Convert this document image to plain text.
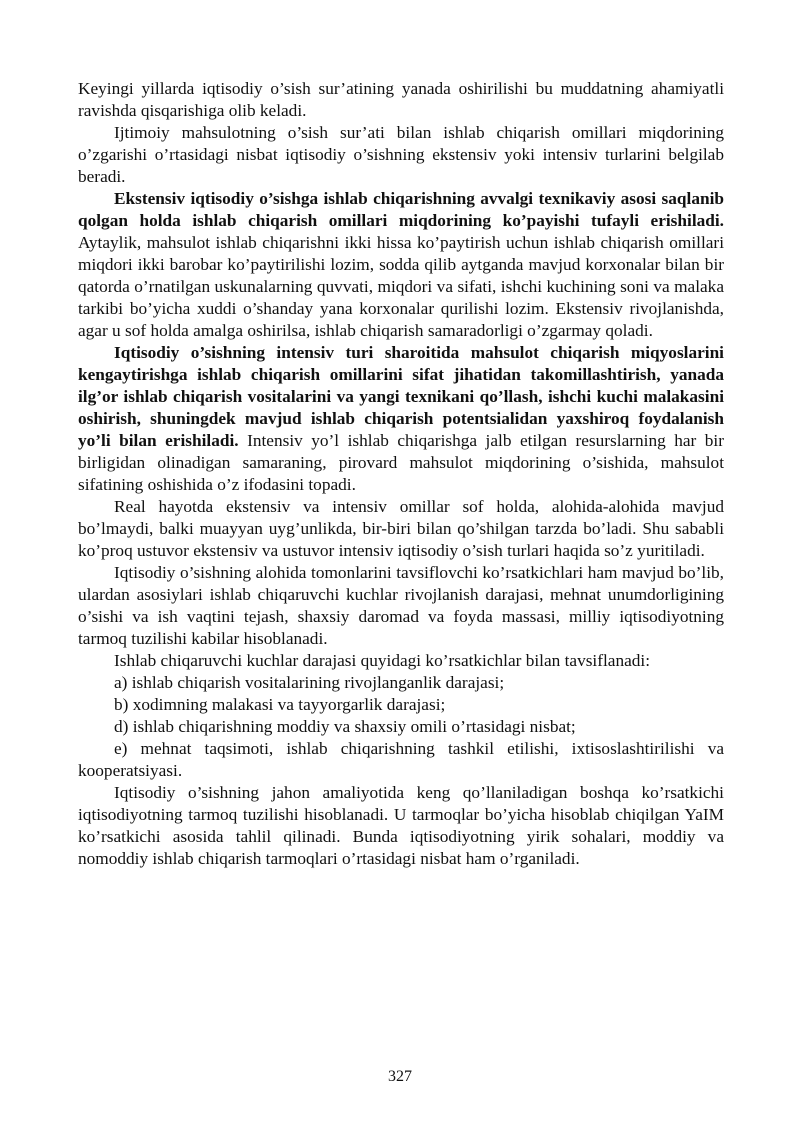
Keyingi yillarda iqtisodiy o’sish sur’atining yanada oshirilishi bu muddatning ahamiyatli ravishda qisqarishiga olib keladi.

Ijtimoiy mahsulotning o’sish sur’ati bilan ishlab chiqarish omillari miqdorining o’zgarishi o’rtasidagi nisbat iqtisodiy o’sishning ekstensiv yoki intensiv turlarini belgilab beradi.

Ekstensiv iqtisodiy o’sishga ishlab chiqarishning avvalgi texnikaviy asosi saqlanib qolgan holda ishlab chiqarish omillari miqdorining ko’payishi tufayli erishiladi. Aytaylik, mahsulot ishlab chiqarishni ikki hissa ko’paytirish uchun ishlab chiqarish omillari miqdori ikki barobar ko’paytirilishi lozim, sodda qilib aytganda mavjud korxonalar bilan bir qatorda o’rnatilgan uskunalarning quvvati, miqdori va sifati, ishchi kuchining soni va malaka tarkibi bo’yicha xuddi o’shanday yana korxonalar qurilishi lozim. Ekstensiv rivojlanishda, agar u sof holda amalga oshirilsa, ishlab chiqarish samaradorligi o’zgarmay qoladi.

Iqtisodiy o’sishning intensiv turi sharoitida mahsulot chiqarish miqyoslarini kengaytirishga ishlab chiqarish omillarini sifat jihatidan takomillashtirish, yanada ilg’or ishlab chiqarish vositalarini va yangi texnikani qo’llash, ishchi kuchi malakasini oshirish, shuningdek mavjud ishlab chiqarish potentsialidan yaxshiroq foydalanish yo’li bilan erishiladi. Intensiv yo’l ishlab chiqarishga jalb etilgan resurslarning har bir birligidan olinadigan samaraning, pirovard mahsulot miqdorining o’sishida, mahsulot sifatining oshishida o’z ifodasini topadi.

Real hayotda ekstensiv va intensiv omillar sof holda, alohida-alohida mavjud bo’lmaydi, balki muayyan uyg’unlikda, bir-biri bilan qo’shilgan tarzda bo’ladi. Shu sababli ko’proq ustuvor ekstensiv va ustuvor intensiv iqtisodiy o’sish turlari haqida so’z yuritiladi.

Iqtisodiy o’sishning alohida tomonlarini tavsiflovchi ko’rsatkichlari ham mavjud bo’lib, ulardan asosiylari ishlab chiqaruvchi kuchlar rivojlanish darajasi, mehnat unumdorligining o’sishi va ish vaqtini tejash, shaxsiy daromad va foyda massasi, milliy iqtisodiyotning tarmoq tuzilishi kabilar hisoblanadi.

Ishlab chiqaruvchi kuchlar darajasi quyidagi ko’rsatkichlar bilan tavsiflanadi:

a) ishlab chiqarish vositalarining rivojlanganlik darajasi;

b) xodimning malakasi va tayyorgarlik darajasi;

d) ishlab chiqarishning moddiy va shaxsiy omili o’rtasidagi nisbat;

e) mehnat taqsimoti, ishlab chiqarishning tashkil etilishi, ixtisoslashtirilishi va kooperatsiyasi.

Iqtisodiy o’sishning jahon amaliyotida keng qo’llaniladigan boshqa ko’rsatkichi iqtisodiyotning tarmoq tuzilishi hisoblanadi. U tarmoqlar bo’yicha hisoblab chiqilgan YaIM ko’rsatkichi asosida tahlil qilinadi. Bunda iqtisodiyotning yirik sohalari, moddiy va nomoddiy ishlab chiqarish tarmoqlari o’rtasidagi nisbat ham o’rganiladi.

327
